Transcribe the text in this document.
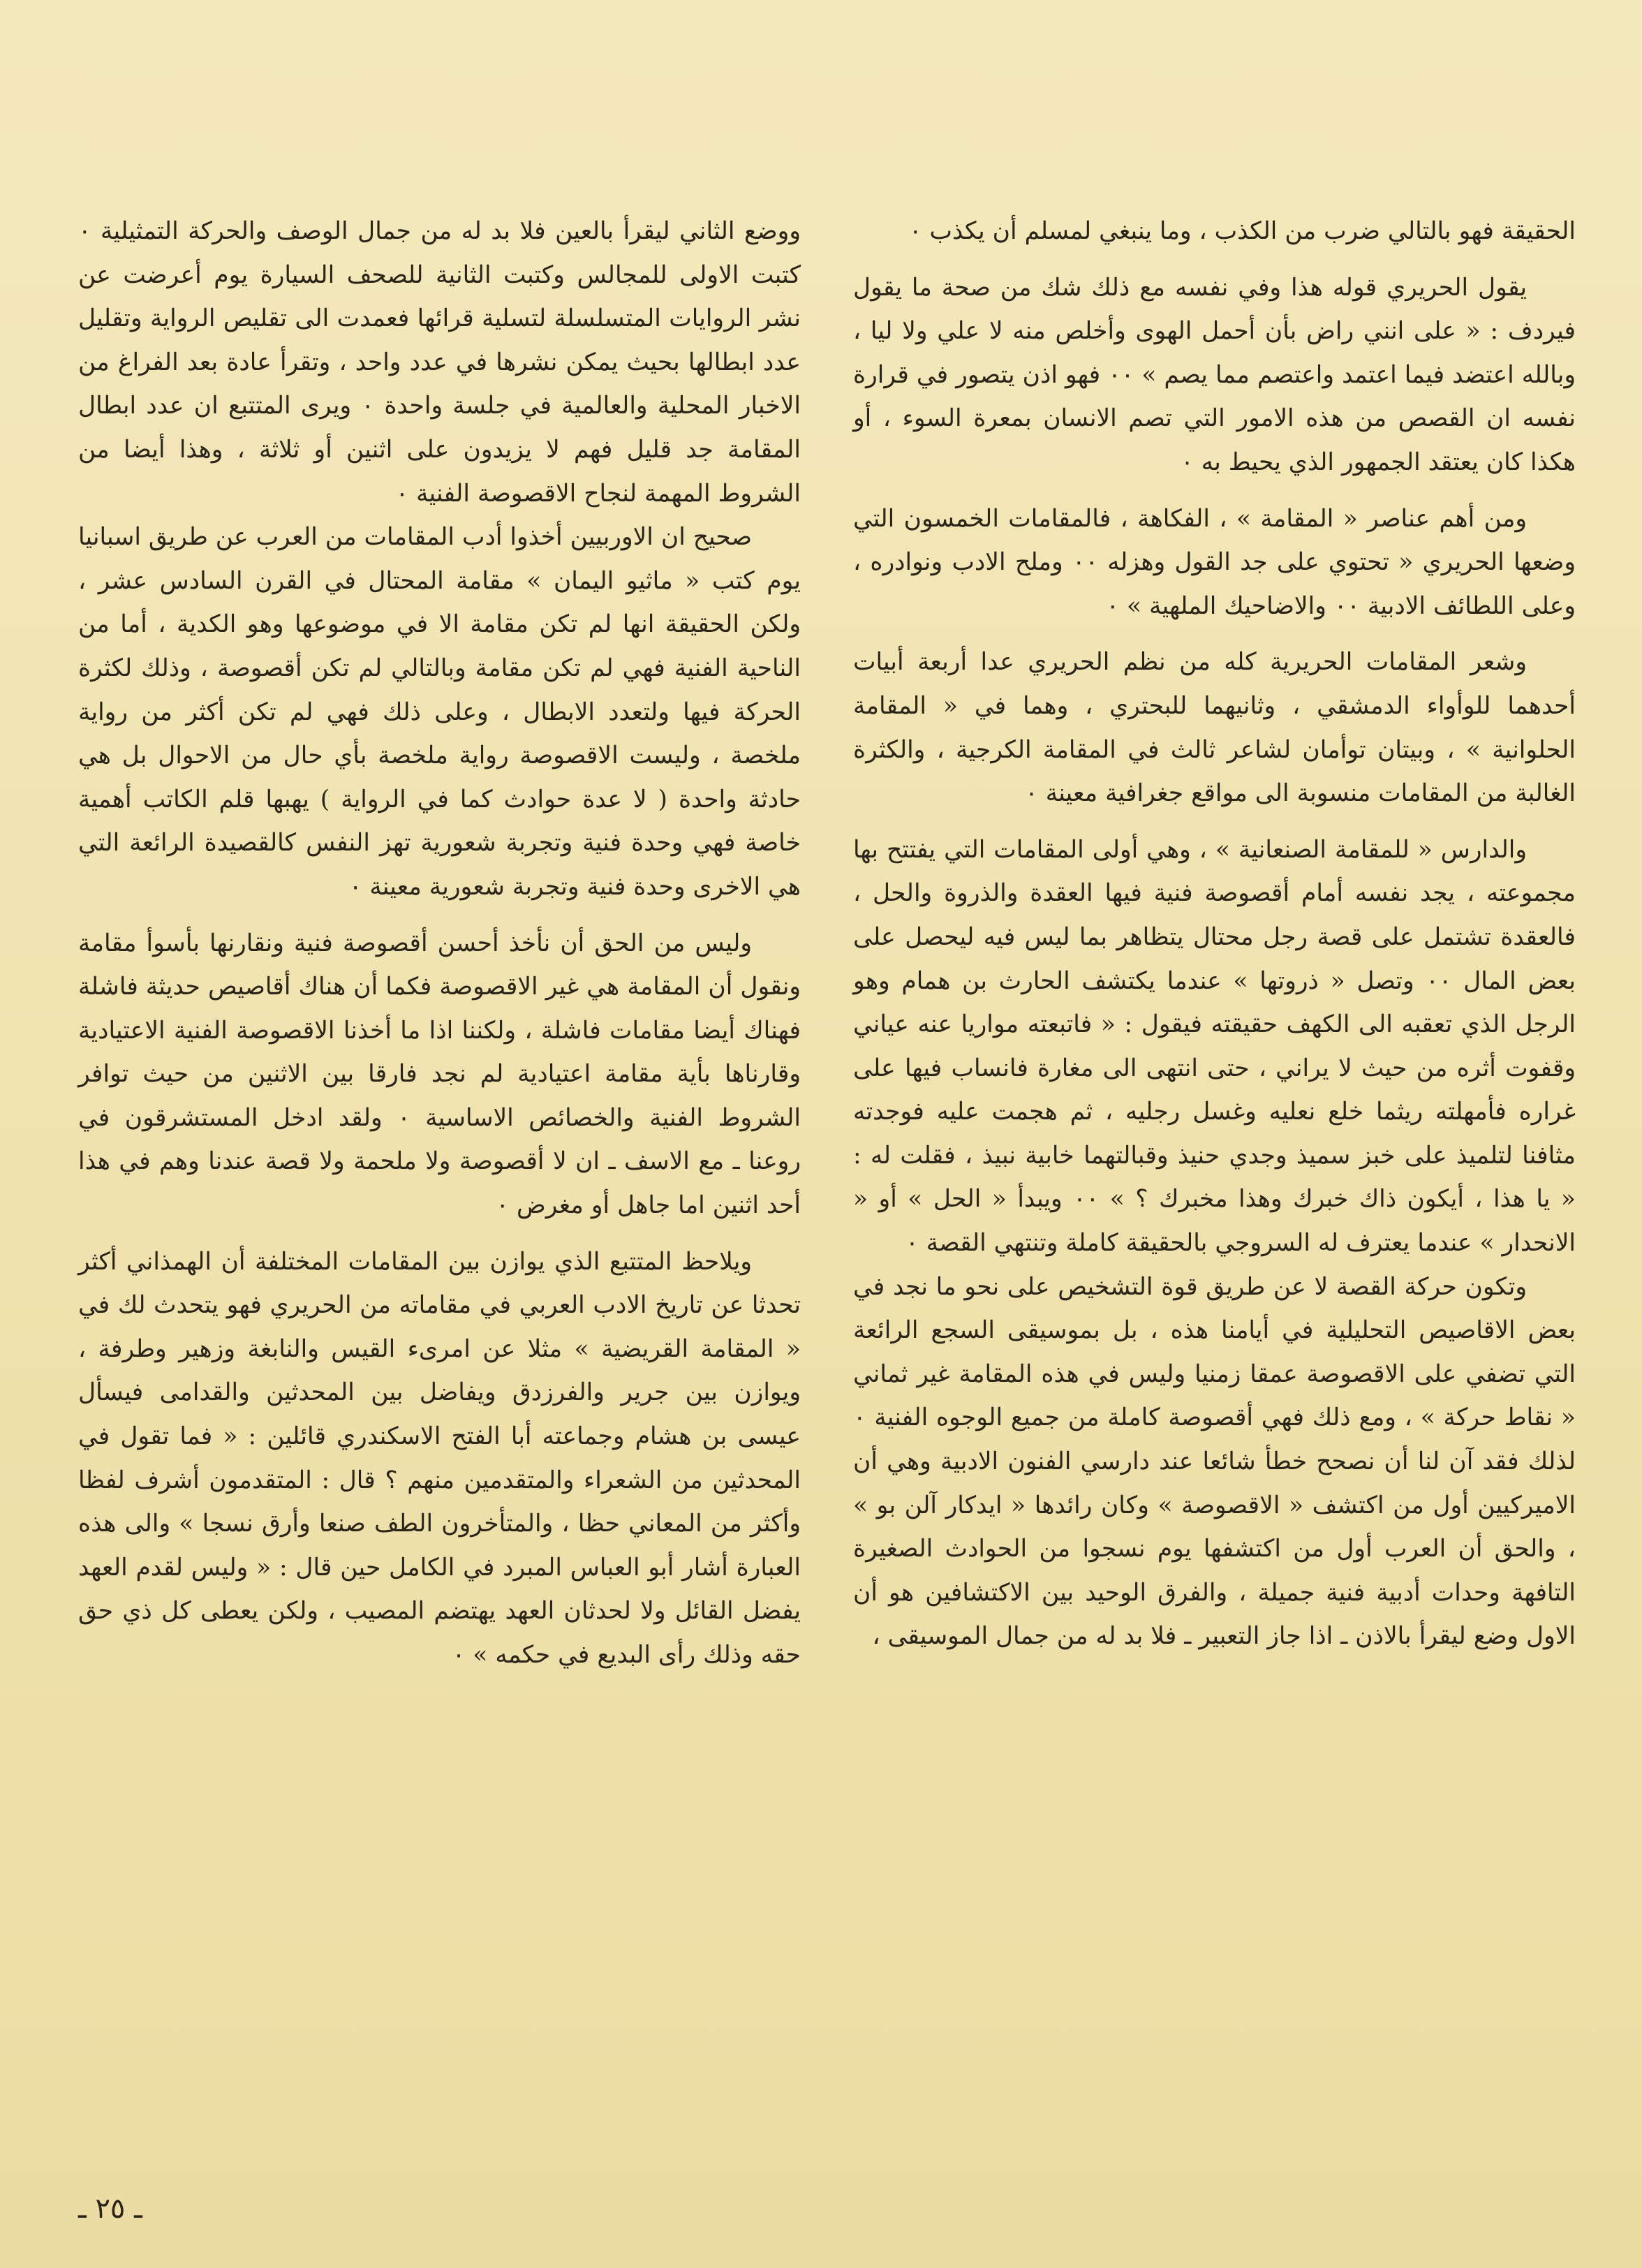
الحقيقة فهو بالتالي ضرب من الكذب ، وما ينبغي لمسلم أن يكذب ٠

يقول الحريري قوله هذا وفي نفسه مع ذلك شك من صحة ما يقول فيردف : « على انني راض بأن أحمل الهوى وأخلص منه لا علي ولا ليا ، وبالله اعتضد فيما اعتمد واعتصم مما يصم » ٠٠ فهو اذن يتصور في قرارة نفسه ان القصص من هذه الامور التي تصم الانسان بمعرة السوء ، أو هكذا كان يعتقد الجمهور الذي يحيط به ٠

ومن أهم عناصر « المقامة » ، الفكاهة ، فالمقامات الخمسون التي وضعها الحريري « تحتوي على جد القول وهزله ٠٠ وملح الادب ونوادره ، وعلى اللطائف الادبية ٠٠ والاضاحيك الملهية » ٠

وشعر المقامات الحريرية كله من نظم الحريري عدا أربعة أبيات أحدهما للوأواء الدمشقي ، وثانيهما للبحتري ، وهما في « المقامة الحلوانية » ، وبيتان توأمان لشاعر ثالث في المقامة الكرجية ، والكثرة الغالبة من المقامات منسوبة الى مواقع جغرافية معينة ٠

والدارس « للمقامة الصنعانية » ، وهي أولى المقامات التي يفتتح بها مجموعته ، يجد نفسه أمام أقصوصة فنية فيها العقدة والذروة والحل ، فالعقدة تشتمل على قصة رجل محتال يتظاهر بما ليس فيه ليحصل على بعض المال ٠٠ وتصل « ذروتها » عندما يكتشف الحارث بن همام وهو الرجل الذي تعقبه الى الكهف حقيقته فيقول : « فاتبعته مواريا عنه عياني وقفوت أثره من حيث لا يراني ، حتى انتهى الى مغارة فانساب فيها على غراره فأمهلته ريثما خلع نعليه وغسل رجليه ، ثم هجمت عليه فوجدته مثافنا لتلميذ على خبز سميذ وجدي حنيذ وقبالتهما خابية نبيذ ، فقلت له : « يا هذا ، أيكون ذاك خبرك وهذا مخبرك ؟ » ٠٠ ويبدأ « الحل » أو « الانحدار » عندما يعترف له السروجي بالحقيقة كاملة وتنتهي القصة ٠

وتكون حركة القصة لا عن طريق قوة التشخيص على نحو ما نجد في بعض الاقاصيص التحليلية في أيامنا هذه ، بل بموسيقى السجع الرائعة التي تضفي على الاقصوصة عمقا زمنيا وليس في هذه المقامة غير ثماني « نقاط حركة » ، ومع ذلك فهي أقصوصة كاملة من جميع الوجوه الفنية ٠ لذلك فقد آن لنا أن نصحح خطأ شائعا عند دارسي الفنون الادبية وهي أن الاميركيين أول من اكتشف « الاقصوصة » وكان رائدها « ايدكار آلن بو » ، والحق أن العرب أول من اكتشفها يوم نسجوا من الحوادث الصغيرة التافهة وحدات أدبية فنية جميلة ، والفرق الوحيد بين الاكتشافين هو أن الاول وضع ليقرأ بالاذن ـ اذا جاز التعبير ـ فلا بد له من جمال الموسيقى ،

ووضع الثاني ليقرأ بالعين فلا بد له من جمال الوصف والحركة التمثيلية ٠ كتبت الاولى للمجالس وكتبت الثانية للصحف السيارة يوم أعرضت عن نشر الروايات المتسلسلة لتسلية قرائها فعمدت الى تقليص الرواية وتقليل عدد ابطالها بحيث يمكن نشرها في عدد واحد ، وتقرأ عادة بعد الفراغ من الاخبار المحلية والعالمية في جلسة واحدة ٠ ويرى المتتبع ان عدد ابطال المقامة جد قليل فهم لا يزيدون على اثنين أو ثلاثة ، وهذا أيضا من الشروط المهمة لنجاح الاقصوصة الفنية ٠

صحيح ان الاوربيين أخذوا أدب المقامات من العرب عن طريق اسبانيا يوم كتب « ماثيو اليمان » مقامة المحتال في القرن السادس عشر ، ولكن الحقيقة انها لم تكن مقامة الا في موضوعها وهو الكدية ، أما من الناحية الفنية فهي لم تكن مقامة وبالتالي لم تكن أقصوصة ، وذلك لكثرة الحركة فيها ولتعدد الابطال ، وعلى ذلك فهي لم تكن أكثر من رواية ملخصة ، وليست الاقصوصة رواية ملخصة بأي حال من الاحوال بل هي حادثة واحدة ( لا عدة حوادث كما في الرواية ) يهبها قلم الكاتب أهمية خاصة فهي وحدة فنية وتجربة شعورية تهز النفس كالقصيدة الرائعة التي هي الاخرى وحدة فنية وتجربة شعورية معينة ٠

وليس من الحق أن نأخذ أحسن أقصوصة فنية ونقارنها بأسوأ مقامة ونقول أن المقامة هي غير الاقصوصة فكما أن هناك أقاصيص حديثة فاشلة فهناك أيضا مقامات فاشلة ، ولكننا اذا ما أخذنا الاقصوصة الفنية الاعتيادية وقارناها بأية مقامة اعتيادية لم نجد فارقا بين الاثنين من حيث توافر الشروط الفنية والخصائص الاساسية ٠ ولقد ادخل المستشرقون في روعنا ـ مع الاسف ـ ان لا أقصوصة ولا ملحمة ولا قصة عندنا وهم في هذا أحد اثنين اما جاهل أو مغرض ٠

ويلاحظ المتتبع الذي يوازن بين المقامات المختلفة أن الهمذاني أكثر تحدثا عن تاريخ الادب العربي في مقاماته من الحريري فهو يتحدث لك في « المقامة القريضية » مثلا عن امرىء القيس والنابغة وزهير وطرفة ، ويوازن بين جرير والفرزدق ويفاضل بين المحدثين والقدامى فيسأل عيسى بن هشام وجماعته أبا الفتح الاسكندري قائلين : « فما تقول في المحدثين من الشعراء والمتقدمين منهم ؟ قال : المتقدمون أشرف لفظا وأكثر من المعاني حظا ، والمتأخرون الطف صنعا وأرق نسجا » والى هذه العبارة أشار أبو العباس المبرد في الكامل حين قال : « وليس لقدم العهد يفضل القائل ولا لحدثان العهد يهتضم المصيب ، ولكن يعطى كل ذي حق حقه وذلك رأى البديع في حكمه » ٠

ـ ٢٥ ـ
